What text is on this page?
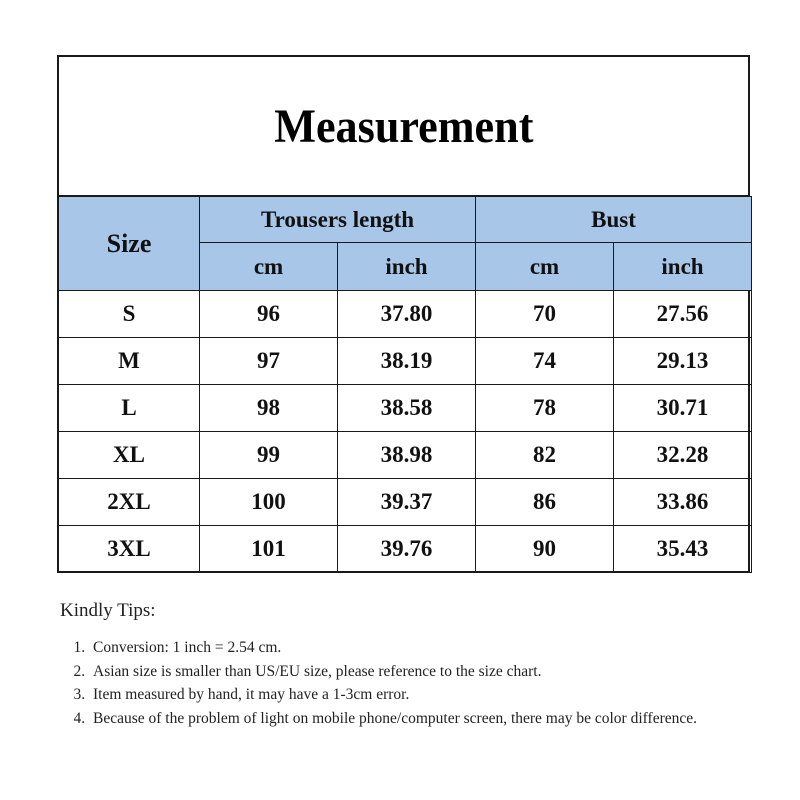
Measurement
Size	Trousers length		Bust	
	cm	inch	cm	inch
S	96	37.80	70	27.56
M	97	38.19	74	29.13
L	98	38.58	78	30.71
XL	99	38.98	82	32.28
2XL	100	39.37	86	33.86
3XL	101	39.76	90	35.43
Kindly Tips:
1. Conversion: 1 inch = 2.54 cm.
2. Asian size is smaller than US/EU size, please reference to the size chart.
3. Item measured by hand, it may have a 1-3cm error.
4. Because of the problem of light on mobile phone/computer screen, there may be color difference.
